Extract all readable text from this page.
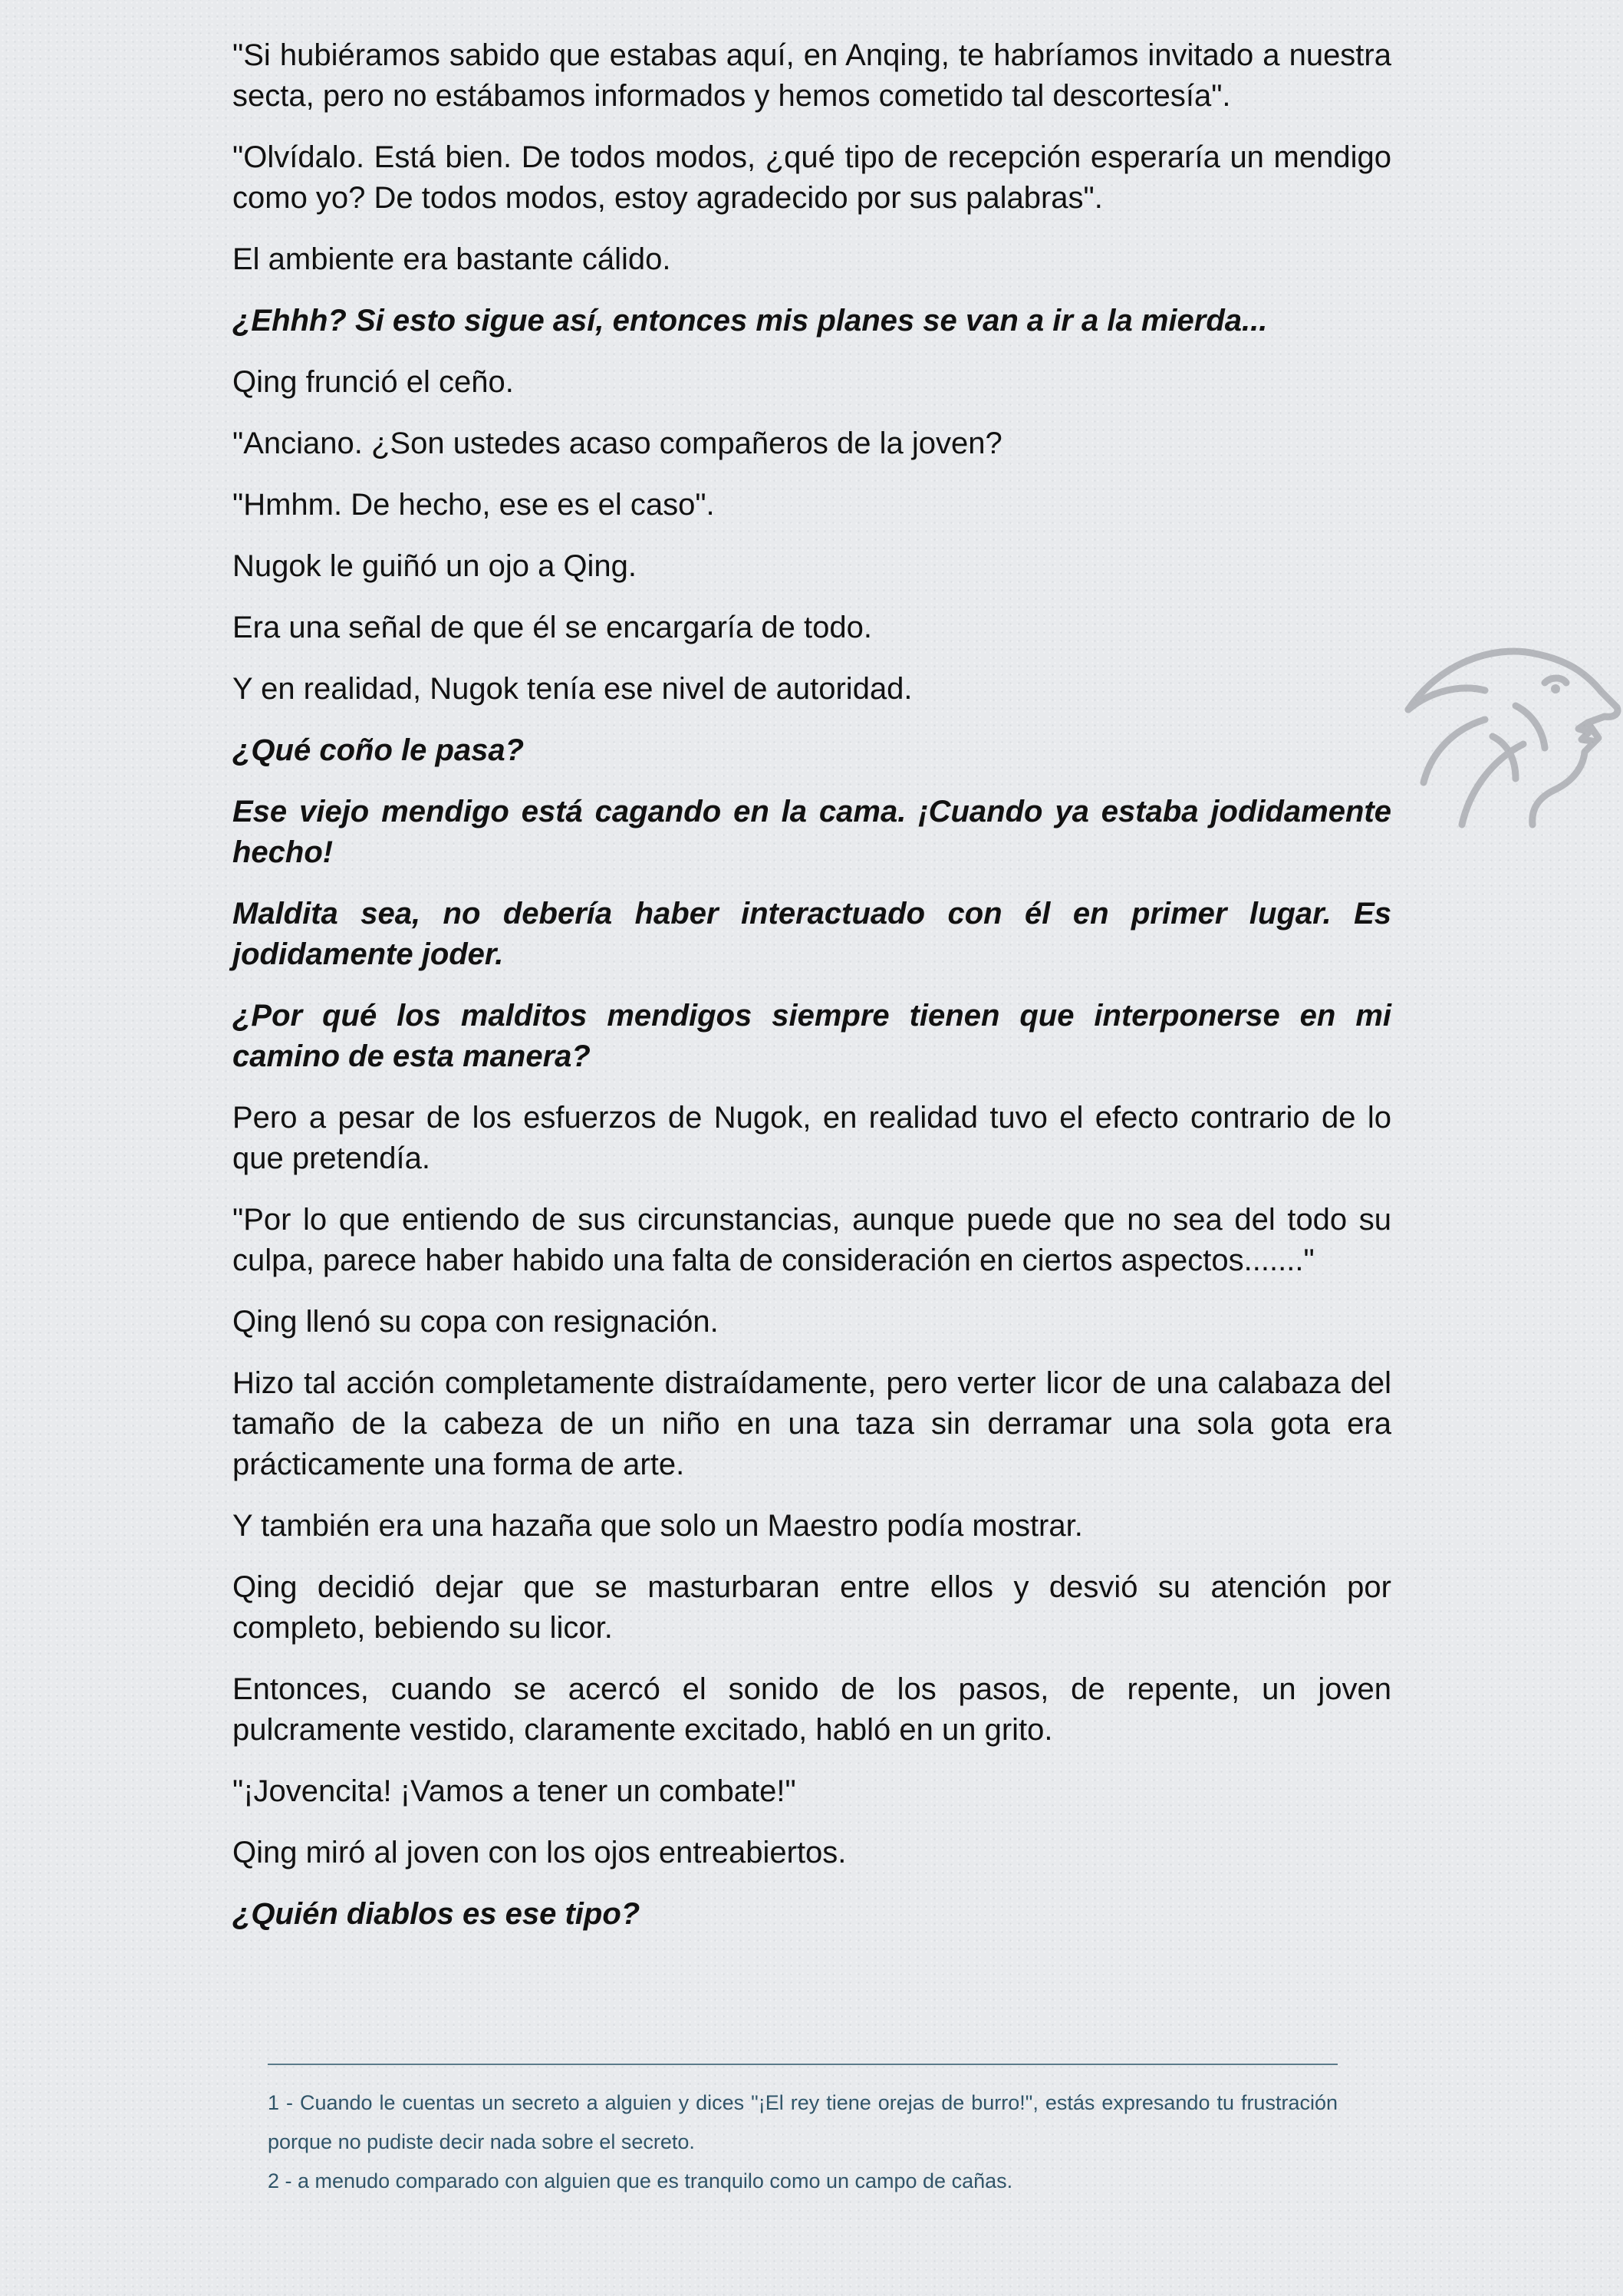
"Si hubiéramos sabido que estabas aquí, en Anqing, te habríamos invitado a nuestra secta, pero no estábamos informados y hemos cometido tal descortesía".

"Olvídalo. Está bien. De todos modos, ¿qué tipo de recepción esperaría un mendigo como yo? De todos modos, estoy agradecido por sus palabras".

El ambiente era bastante cálido.

¿Ehhh? Si esto sigue así, entonces mis planes se van a ir a la mierda...

Qing frunció el ceño.

"Anciano. ¿Son ustedes acaso compañeros de la joven?

"Hmhm. De hecho, ese es el caso".

Nugok le guiñó un ojo a Qing.

Era una señal de que él se encargaría de todo.

Y en realidad, Nugok tenía ese nivel de autoridad.

¿Qué coño le pasa?

Ese viejo mendigo está cagando en la cama. ¡Cuando ya estaba jodidamente hecho!

Maldita sea, no debería haber interactuado con él en primer lugar. Es jodidamente joder.

¿Por qué los malditos mendigos siempre tienen que interponerse en mi camino de esta manera?

Pero a pesar de los esfuerzos de Nugok, en realidad tuvo el efecto contrario de lo que pretendía.

"Por lo que entiendo de sus circunstancias, aunque puede que no sea del todo su culpa, parece haber habido una falta de consideración en ciertos aspectos......."

Qing llenó su copa con resignación.

Hizo tal acción completamente distraídamente, pero verter licor de una calabaza del tamaño de la cabeza de un niño en una taza sin derramar una sola gota era prácticamente una forma de arte.

Y también era una hazaña que solo un Maestro podía mostrar.

Qing decidió dejar que se masturbaran entre ellos y desvió su atención por completo, bebiendo su licor.

Entonces, cuando se acercó el sonido de los pasos, de repente, un joven pulcramente vestido, claramente excitado, habló en un grito.

"¡Jovencita! ¡Vamos a tener un combate!"

Qing miró al joven con los ojos entreabiertos.

¿Quién diablos es ese tipo?

1 - Cuando le cuentas un secreto a alguien y dices "¡El rey tiene orejas de burro!", estás expresando tu frustración porque no pudiste decir nada sobre el secreto.

2 - a menudo comparado con alguien que es tranquilo como un campo de cañas.
